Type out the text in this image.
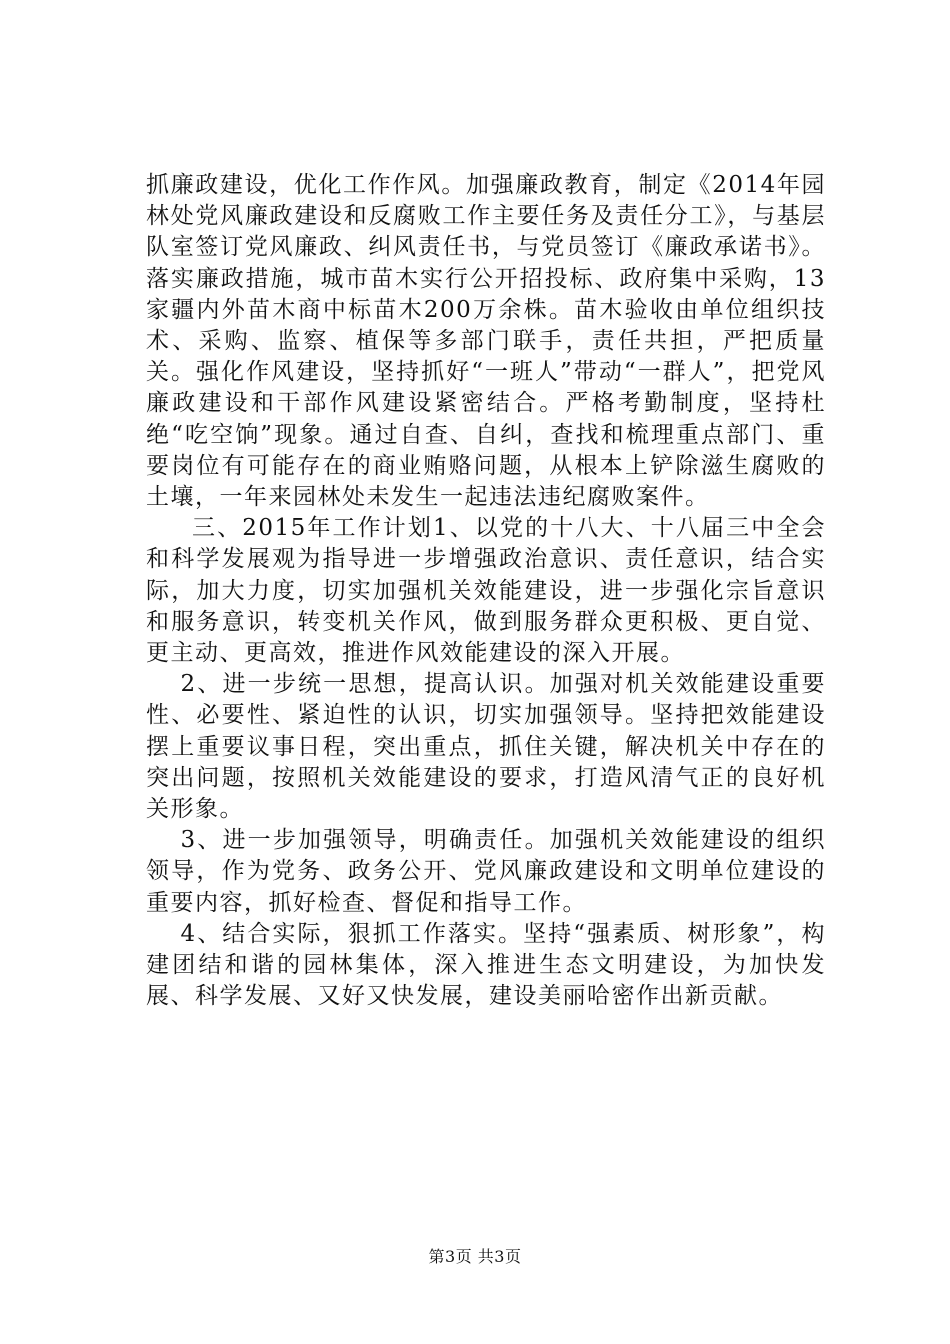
抓廉政建设，优化工作作风。加强廉政教育，制定《2014年园林处党风廉政建设和反腐败工作主要任务及责任分工》，与基层队室签订党风廉政、纠风责任书，与党员签订《廉政承诺书》。落实廉政措施，城市苗木实行公开招投标、政府集中采购，13家疆内外苗木商中标苗木200万余株。苗木验收由单位组织技术、采购、监察、植保等多部门联手，责任共担，严把质量关。强化作风建设，坚持抓好“一班人”带动“一群人”，把党风廉政建设和干部作风建设紧密结合。严格考勤制度，坚持杜绝“吃空饷”现象。通过自查、自纠，查找和梳理重点部门、重要岗位有可能存在的商业贿赂问题，从根本上铲除滋生腐败的土壤，一年来园林处未发生一起违法违纪腐败案件。

三、2015年工作计划1、以党的十八大、十八届三中全会和科学发展观为指导进一步增强政治意识、责任意识，结合实际，加大力度，切实加强机关效能建设，进一步强化宗旨意识和服务意识，转变机关作风，做到服务群众更积极、更自觉、更主动、更高效，推进作风效能建设的深入开展。

2、进一步统一思想，提高认识。加强对机关效能建设重要性、必要性、紧迫性的认识，切实加强领导。坚持把效能建设摆上重要议事日程，突出重点，抓住关键，解决机关中存在的突出问题，按照机关效能建设的要求，打造风清气正的良好机关形象。

3、进一步加强领导，明确责任。加强机关效能建设的组织领导，作为党务、政务公开、党风廉政建设和文明单位建设的重要内容，抓好检查、督促和指导工作。

4、结合实际，狠抓工作落实。坚持“强素质、树形象”，构建团结和谐的园林集体，深入推进生态文明建设，为加快发展、科学发展、又好又快发展，建设美丽哈密作出新贡献。

第3页 共3页
